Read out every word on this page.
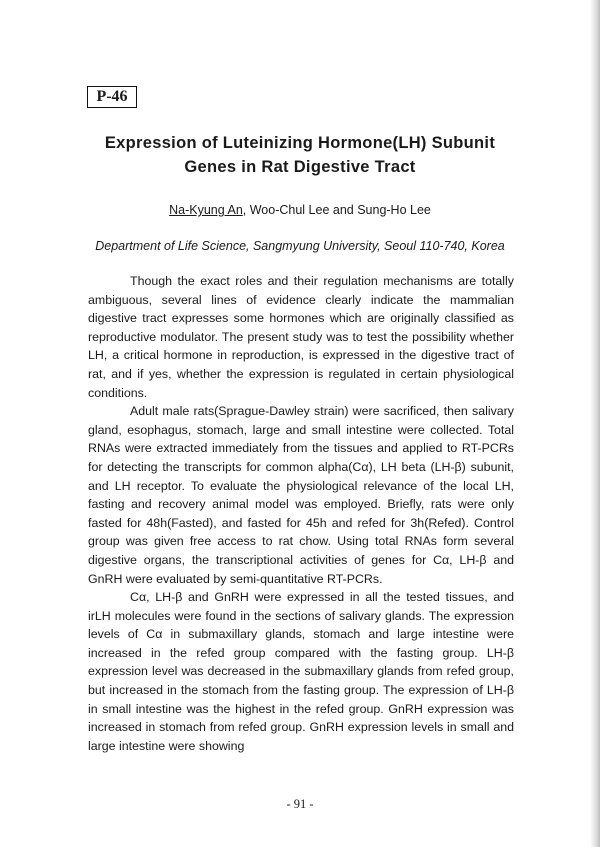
P-46
Expression of Luteinizing Hormone(LH) Subunit
Genes in Rat Digestive Tract
Na-Kyung An, Woo-Chul Lee and Sung-Ho Lee
Department of Life Science, Sangmyung University, Seoul 110-740, Korea

Though the exact roles and their regulation mechanisms are totally ambiguous, several lines of evidence clearly indicate the mammalian digestive tract expresses some hormones which are originally classified as reproductive modulator. The present study was to test the possibility whether LH, a critical hormone in reproduction, is expressed in the digestive tract of rat, and if yes, whether the expression is regulated in certain physiological conditions.

Adult male rats(Sprague-Dawley strain) were sacrificed, then salivary gland, esophagus, stomach, large and small intestine were collected. Total RNAs were extracted immediately from the tissues and applied to RT-PCRs for detecting the transcripts for common alpha(Cα), LH beta (LH-β) subunit, and LH receptor. To evaluate the physiological relevance of the local LH, fasting and recovery animal model was employed. Briefly, rats were only fasted for 48h(Fasted), and fasted for 45h and refed for 3h(Refed). Control group was given free access to rat chow. Using total RNAs form several digestive organs, the transcriptional activities of genes for Cα, LH-β and GnRH were evaluated by semi-quantitative RT-PCRs.

Cα, LH-β and GnRH were expressed in all the tested tissues, and irLH molecules were found in the sections of salivary glands. The expression levels of Cα in submaxillary glands, stomach and large intestine were increased in the refed group compared with the fasting group. LH-β expression level was decreased in the submaxillary glands from refed group, but increased in the stomach from the fasting group. The expression of LH-β in small intestine was the highest in the refed group. GnRH expression was increased in stomach from refed group. GnRH expression levels in small and large intestine were showing

- 91 -
